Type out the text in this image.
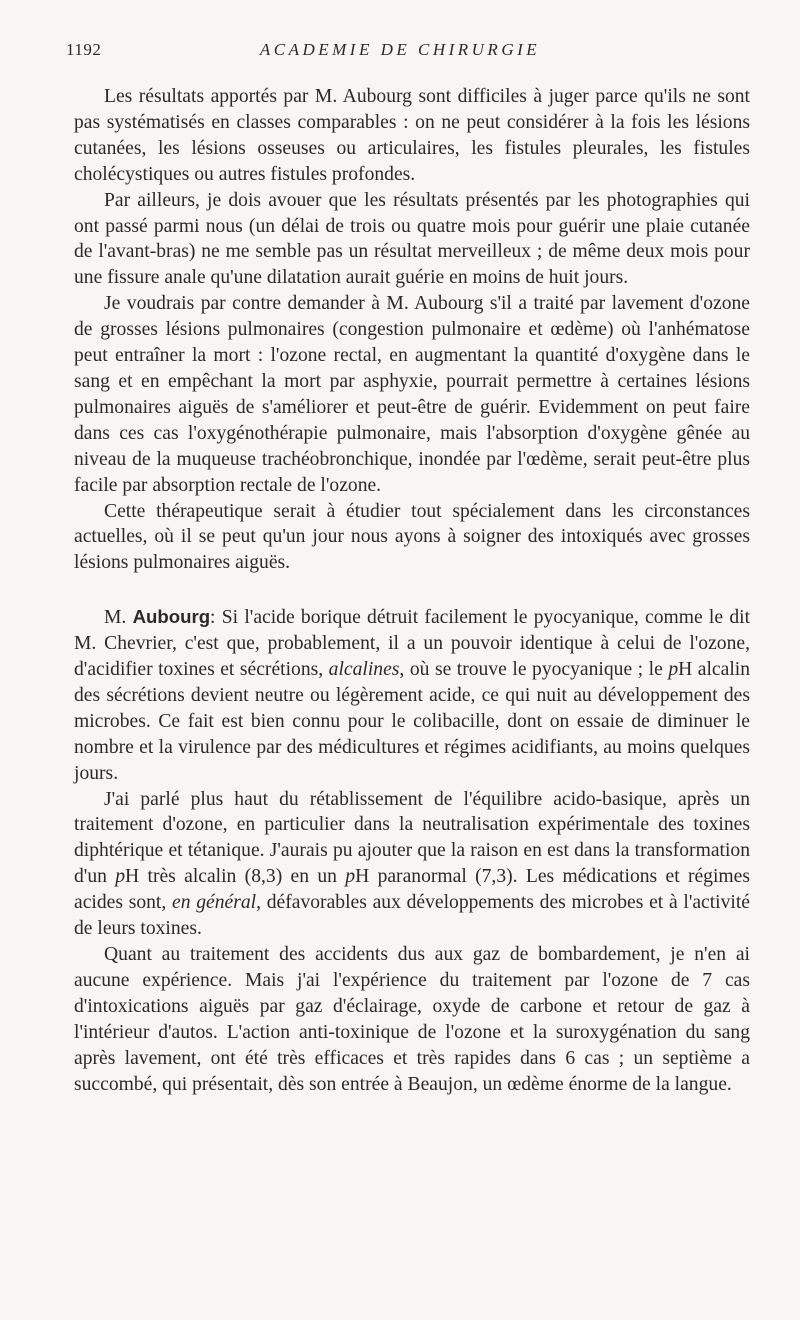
1192	ACADEMIE DE CHIRURGIE

Les résultats apportés par M. Aubourg sont difficiles à juger parce qu'ils ne sont pas systématisés en classes comparables : on ne peut considérer à la fois les lésions cutanées, les lésions osseuses ou articulaires, les fistules pleurales, les fistules cholécystiques ou autres fistules profondes.

Par ailleurs, je dois avouer que les résultats présentés par les photographies qui ont passé parmi nous (un délai de trois ou quatre mois pour guérir une plaie cutanée de l'avant-bras) ne me semble pas un résultat merveilleux ; de même deux mois pour une fissure anale qu'une dilatation aurait guérie en moins de huit jours.

Je voudrais par contre demander à M. Aubourg s'il a traité par lavement d'ozone de grosses lésions pulmonaires (congestion pulmonaire et œdème) où l'anhématose peut entraîner la mort : l'ozone rectal, en augmentant la quantité d'oxygène dans le sang et en empêchant la mort par asphyxie, pourrait permettre à certaines lésions pulmonaires aiguës de s'améliorer et peut-être de guérir. Evidemment on peut faire dans ces cas l'oxygénothérapie pulmonaire, mais l'absorption d'oxygène gênée au niveau de la muqueuse trachéobronchique, inondée par l'œdème, serait peut-être plus facile par absorption rectale de l'ozone.

Cette thérapeutique serait à étudier tout spécialement dans les circonstances actuelles, où il se peut qu'un jour nous ayons à soigner des intoxiqués avec grosses lésions pulmonaires aiguës.

M. Aubourg: Si l'acide borique détruit facilement le pyocyanique, comme le dit M. Chevrier, c'est que, probablement, il a un pouvoir identique à celui de l'ozone, d'acidifier toxines et sécrétions, alcalines, où se trouve le pyocyanique ; le pH alcalin des sécrétions devient neutre ou légèrement acide, ce qui nuit au développement des microbes. Ce fait est bien connu pour le colibacille, dont on essaie de diminuer le nombre et la virulence par des médicultures et régimes acidifiants, au moins quelques jours.

J'ai parlé plus haut du rétablissement de l'équilibre acido-basique, après un traitement d'ozone, en particulier dans la neutralisation expérimentale des toxines diphtérique et tétanique. J'aurais pu ajouter que la raison en est dans la transformation d'un pH très alcalin (8,3) en un pH paranormal (7,3). Les médications et régimes acides sont, en général, défavorables aux développements des microbes et à l'activité de leurs toxines.

Quant au traitement des accidents dus aux gaz de bombardement, je n'en ai aucune expérience. Mais j'ai l'expérience du traitement par l'ozone de 7 cas d'intoxications aiguës par gaz d'éclairage, oxyde de carbone et retour de gaz à l'intérieur d'autos. L'action anti-toxinique de l'ozone et la suroxygénation du sang après lavement, ont été très efficaces et très rapides dans 6 cas ; un septième a succombé, qui présentait, dès son entrée à Beaujon, un œdème énorme de la langue.
